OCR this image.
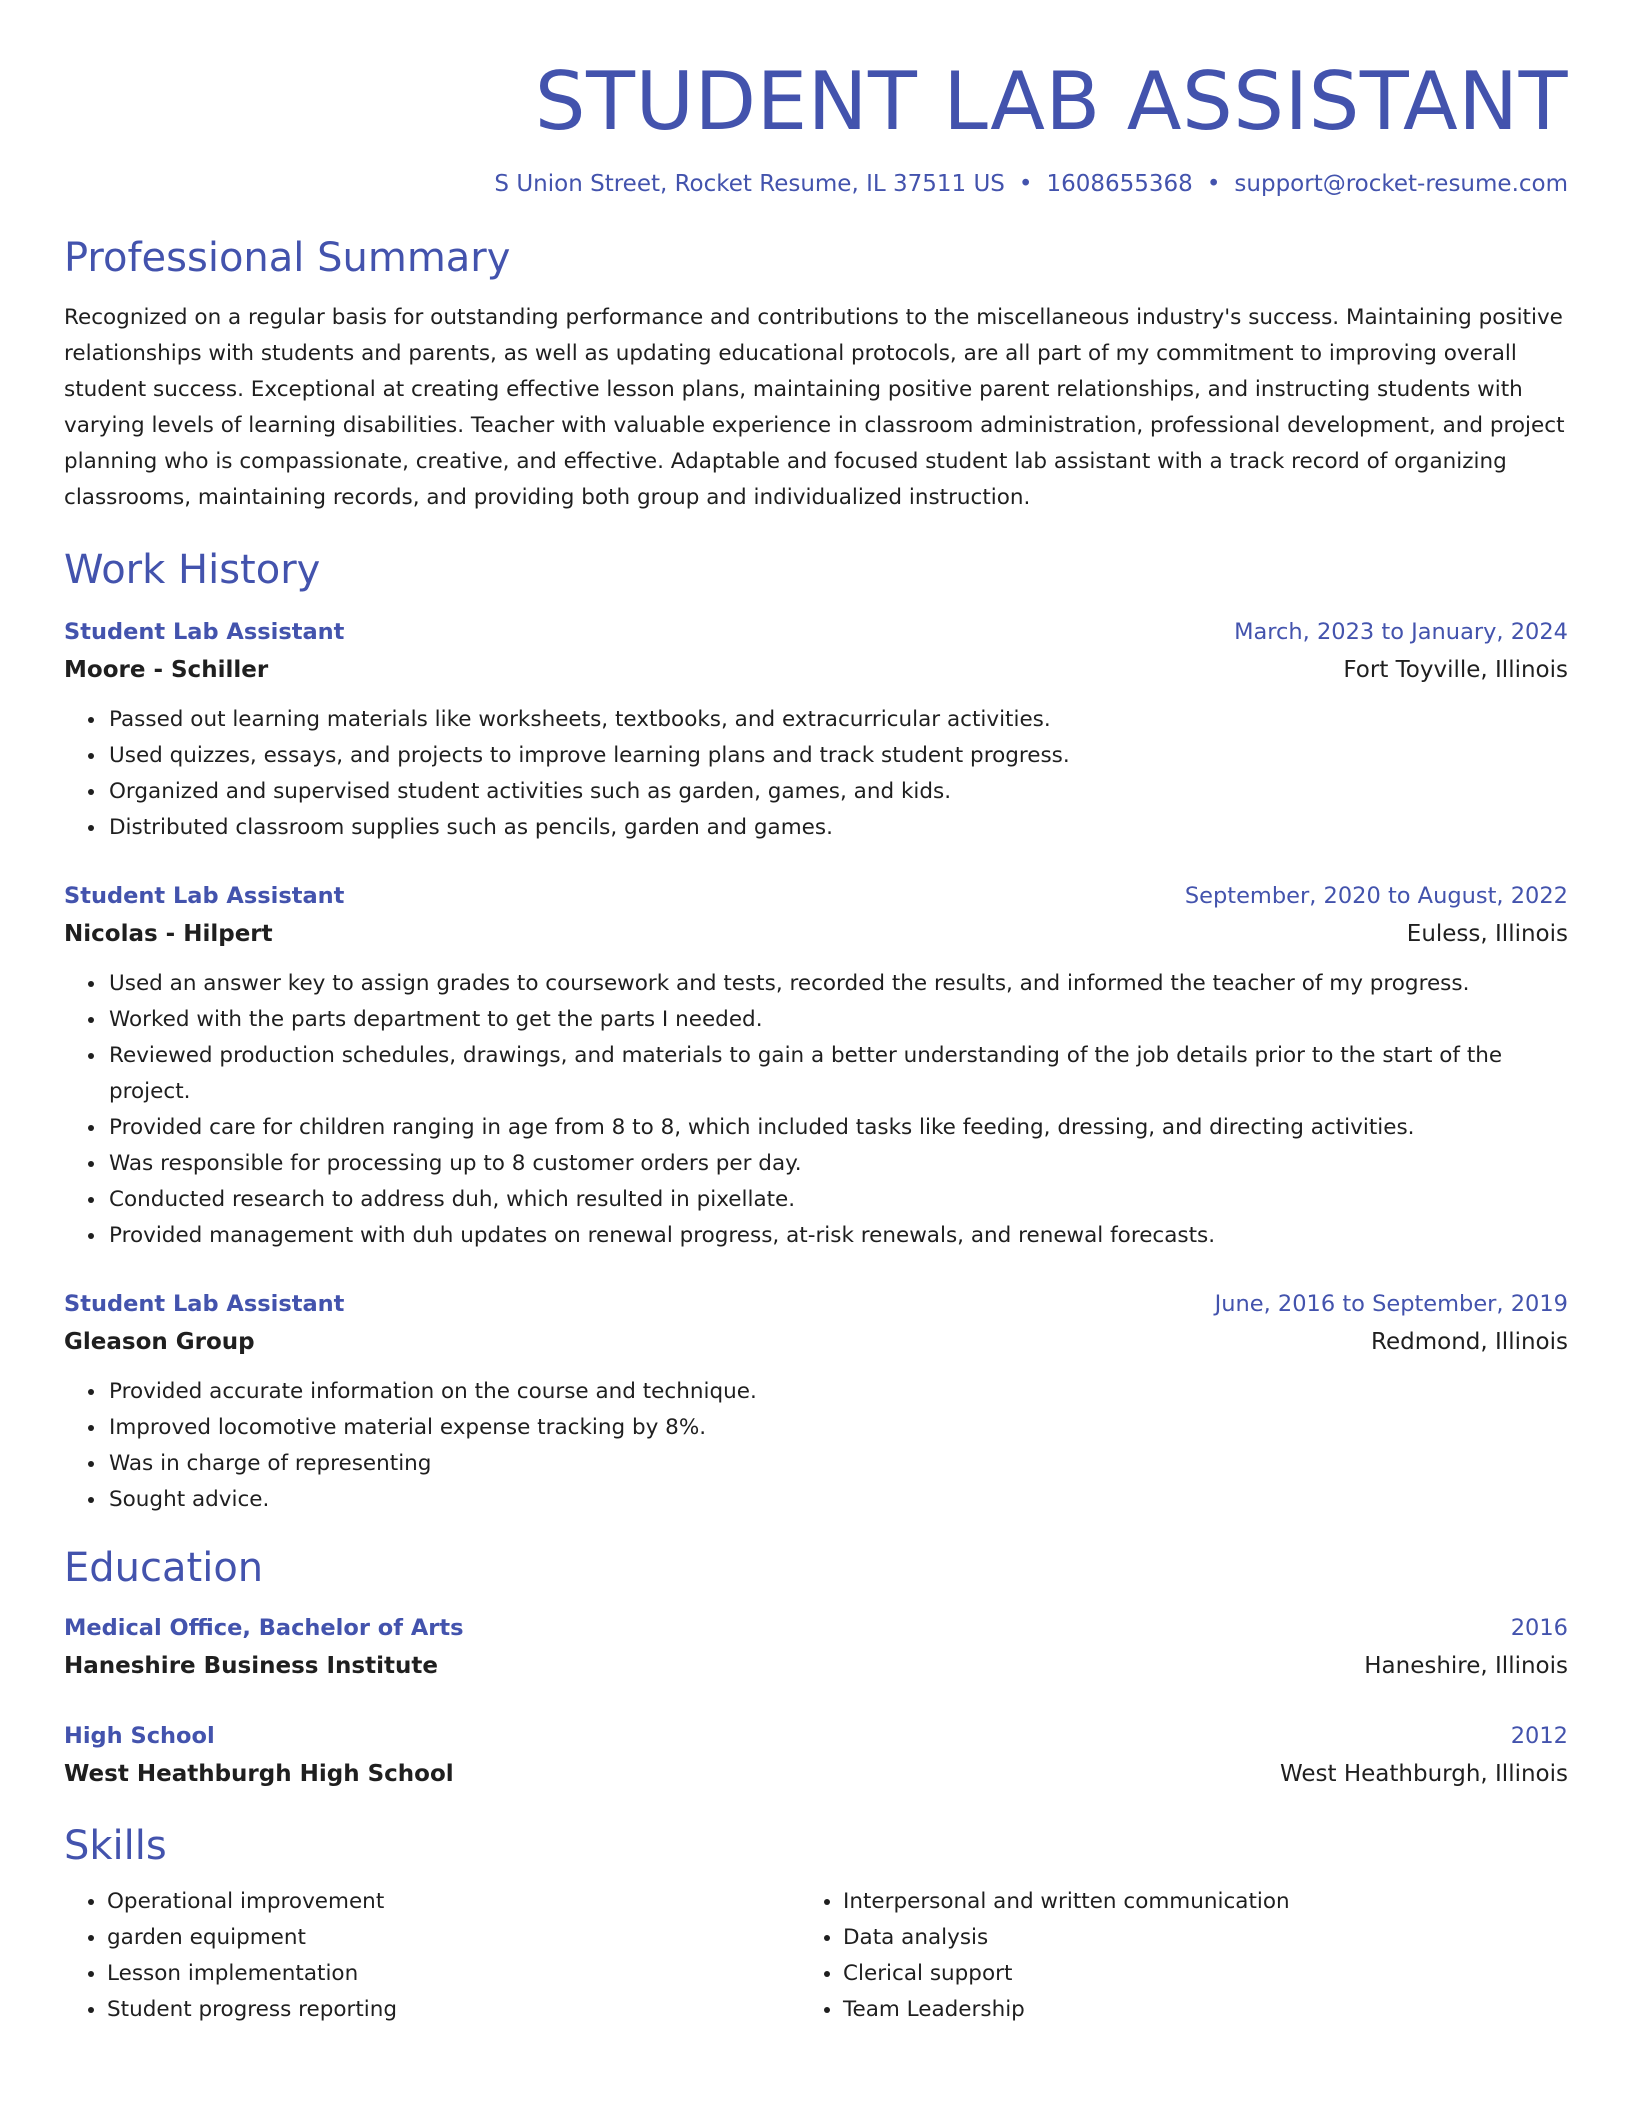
STUDENT LAB ASSISTANT
S Union Street, Rocket Resume, IL 37511 US • 1608655368 • support@rocket-resume.com
Professional Summary

Recognized on a regular basis for outstanding performance and contributions to the miscellaneous industry's success. Maintaining positive relationships with students and parents, as well as updating educational protocols, are all part of my commitment to improving overall student success. Exceptional at creating effective lesson plans, maintaining positive parent relationships, and instructing students with varying levels of learning disabilities. Teacher with valuable experience in classroom administration, professional development, and project planning who is compassionate, creative, and effective. Adaptable and focused student lab assistant with a track record of organizing classrooms, maintaining records, and providing both group and individualized instruction.

Work History
Student Lab Assistant	March, 2023 to January, 2024
Moore - Schiller	Fort Toyville, Illinois
• Passed out learning materials like worksheets, textbooks, and extracurricular activities.
• Used quizzes, essays, and projects to improve learning plans and track student progress.
• Organized and supervised student activities such as garden, games, and kids.
• Distributed classroom supplies such as pencils, garden and games.
Student Lab Assistant	September, 2020 to August, 2022
Nicolas - Hilpert	Euless, Illinois
• Used an answer key to assign grades to coursework and tests, recorded the results, and informed the teacher of my progress.
• Worked with the parts department to get the parts I needed.
• Reviewed production schedules, drawings, and materials to gain a better understanding of the job details prior to the start of the project.
• Provided care for children ranging in age from 8 to 8, which included tasks like feeding, dressing, and directing activities.
• Was responsible for processing up to 8 customer orders per day.
• Conducted research to address duh, which resulted in pixellate.
• Provided management with duh updates on renewal progress, at-risk renewals, and renewal forecasts.
Student Lab Assistant	June, 2016 to September, 2019
Gleason Group	Redmond, Illinois
• Provided accurate information on the course and technique.
• Improved locomotive material expense tracking by 8%.
• Was in charge of representing
• Sought advice.
Education
Medical Office, Bachelor of Arts	2016
Haneshire Business Institute	Haneshire, Illinois
High School	2012
West Heathburgh High School	West Heathburgh, Illinois
Skills
• Operational improvement
• garden equipment
• Lesson implementation
• Student progress reporting
• Interpersonal and written communication
• Data analysis
• Clerical support
• Team Leadership
